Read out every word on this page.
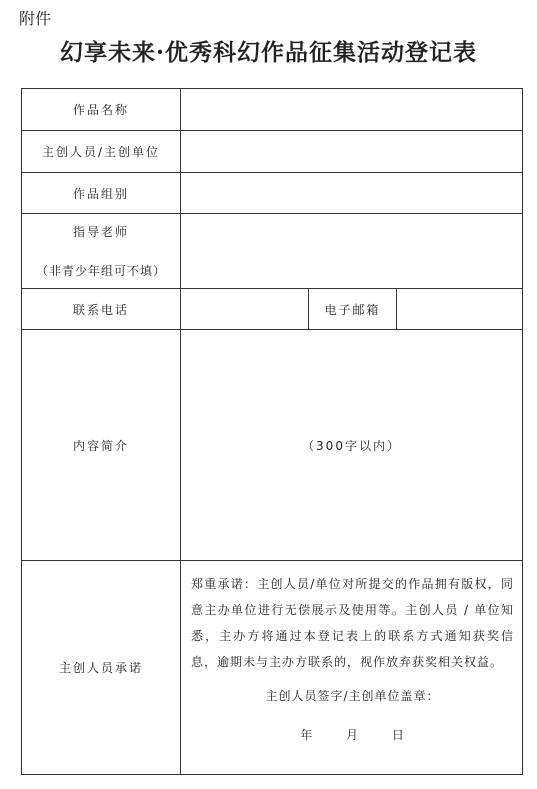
附件
幻享未来·优秀科幻作品征集活动登记表
作品名称			
主创人员/主创单位			
作品组别			
指导老师
（非青少年组可不填）			

联系电话		电子邮箱	
内容简介	（300字以内）		
主创人员承诺	郑重承诺：主创人员/单位对所提交的作品拥有版权，同意主办单位进行无偿展示及使用等。主创人员 / 单位知悉，主办方将通过本登记表上的联系方式通知获奖信息，逾期未与主办方联系的，视作放弃获奖相关权益。
主创人员签字/主创单位盖章：
年 月 日		
